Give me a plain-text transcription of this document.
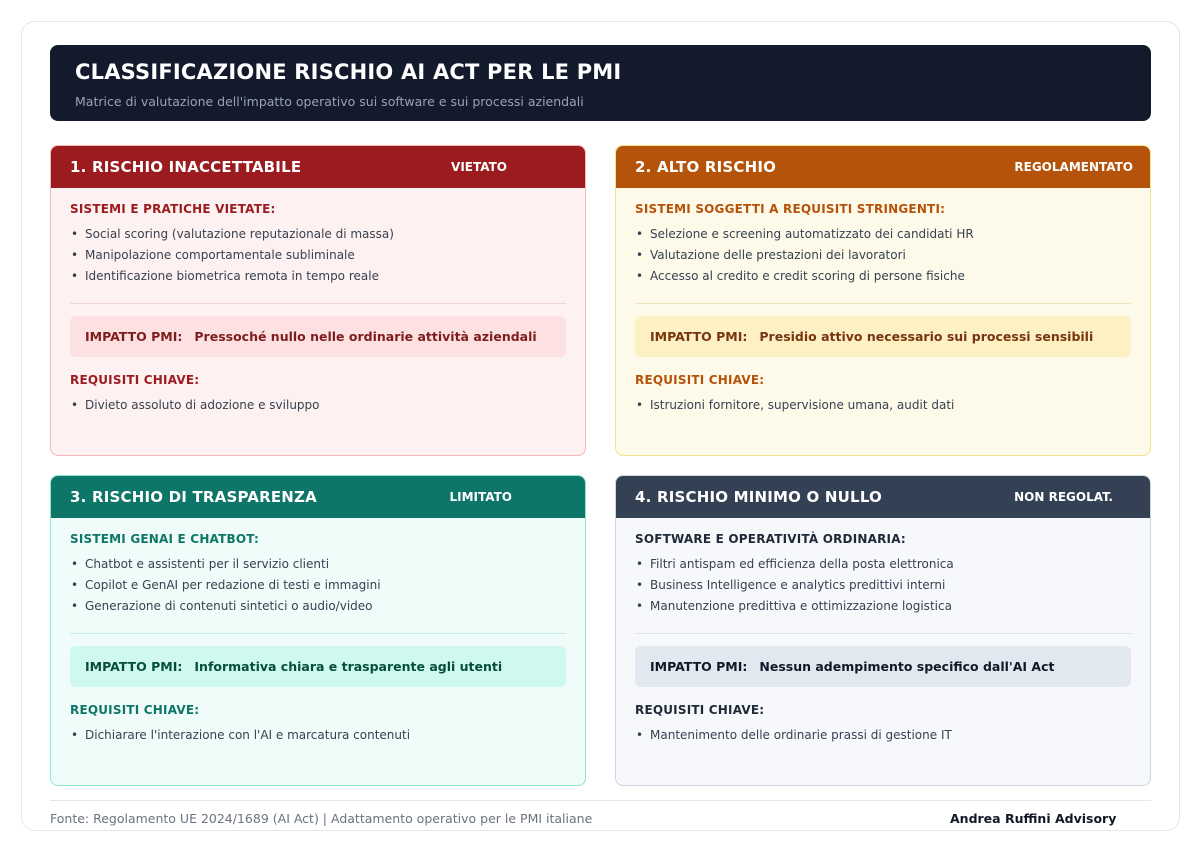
CLASSIFICAZIONE RISCHIO AI ACT PER LE PMI
Matrice di valutazione dell'impatto operativo sui software e sui processi aziendali
1. RISCHIO INACCETTABILE	VIETATO
SISTEMI E PRATICHE VIETATE:
• Social scoring (valutazione reputazionale di massa)
• Manipolazione comportamentale subliminale
• Identificazione biometrica remota in tempo reale
IMPATTO PMI: Pressoché nullo nelle ordinarie attività aziendali
REQUISITI CHIAVE:
• Divieto assoluto di adozione e sviluppo
2. ALTO RISCHIO	REGOLAMENTATO
SISTEMI SOGGETTI A REQUISITI STRINGENTI:
• Selezione e screening automatizzato dei candidati HR
• Valutazione delle prestazioni dei lavoratori
• Accesso al credito e credit scoring di persone fisiche
IMPATTO PMI: Presidio attivo necessario sui processi sensibili
REQUISITI CHIAVE:
• Istruzioni fornitore, supervisione umana, audit dati
3. RISCHIO DI TRASPARENZA	LIMITATO
SISTEMI GENAI E CHATBOT:
• Chatbot e assistenti per il servizio clienti
• Copilot e GenAI per redazione di testi e immagini
• Generazione di contenuti sintetici o audio/video
IMPATTO PMI: Informativa chiara e trasparente agli utenti
REQUISITI CHIAVE:
• Dichiarare l'interazione con l'AI e marcatura contenuti
4. RISCHIO MINIMO O NULLO	NON REGOLAT.
SOFTWARE E OPERATIVITÀ ORDINARIA:
• Filtri antispam ed efficienza della posta elettronica
• Business Intelligence e analytics predittivi interni
• Manutenzione predittiva e ottimizzazione logistica
IMPATTO PMI: Nessun adempimento specifico dall'AI Act
REQUISITI CHIAVE:
• Mantenimento delle ordinarie prassi di gestione IT
Fonte: Regolamento UE 2024/1689 (AI Act) | Adattamento operativo per le PMI italiane	Andrea Ruffini Advisory
